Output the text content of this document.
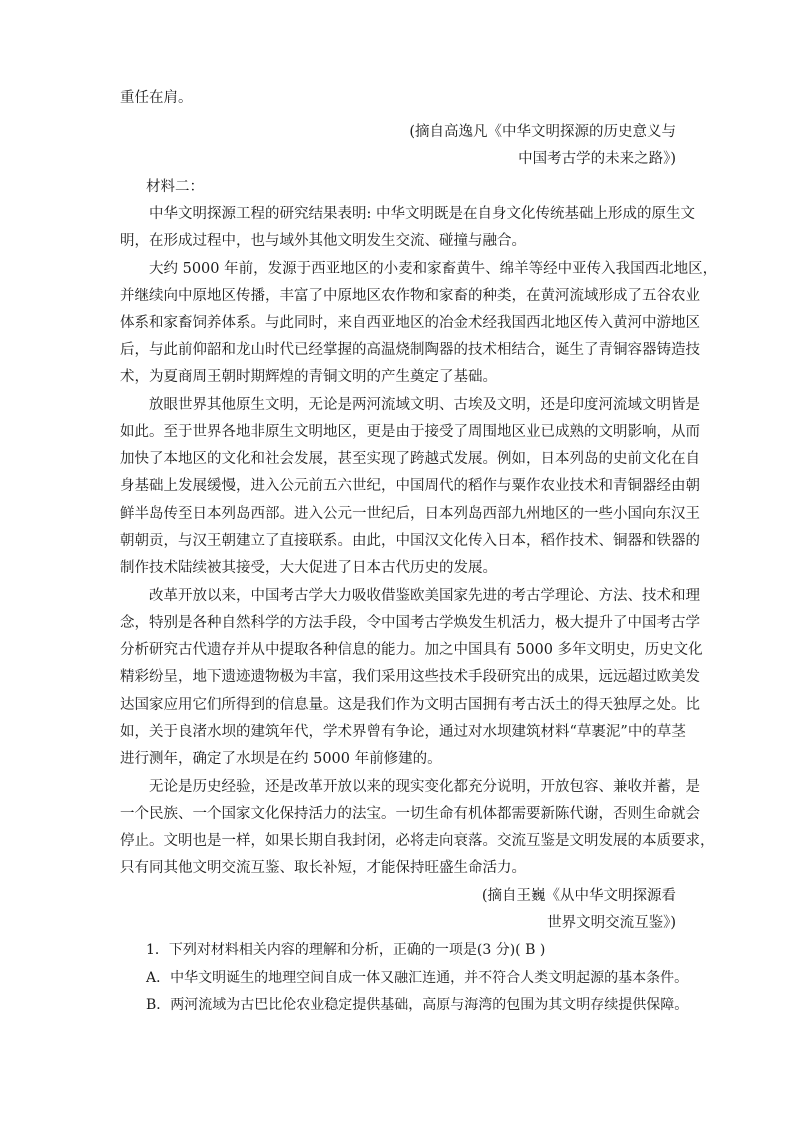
重任在肩。
(摘自高逸凡《中华文明探源的历史意义与
中国考古学的未来之路》)
材料二：
中华文明探源工程的研究结果表明: 中华文明既是在自身文化传统基础上形成的原生文
明，在形成过程中，也与域外其他文明发生交流、碰撞与融合。
大约 5000 年前，发源于西亚地区的小麦和家畜黄牛、绵羊等经中亚传入我国西北地区，
并继续向中原地区传播，丰富了中原地区农作物和家畜的种类，在黄河流域形成了五谷农业
体系和家畜饲养体系。与此同时，来自西亚地区的冶金术经我国西北地区传入黄河中游地区
后，与此前仰韶和龙山时代已经掌握的高温烧制陶器的技术相结合，诞生了青铜容器铸造技
术，为夏商周王朝时期辉煌的青铜文明的产生奠定了基础。
放眼世界其他原生文明，无论是两河流域文明、古埃及文明，还是印度河流域文明皆是
如此。至于世界各地非原生文明地区，更是由于接受了周围地区业已成熟的文明影响，从而
加快了本地区的文化和社会发展，甚至实现了跨越式发展。例如，日本列岛的史前文化在自
身基础上发展缓慢，进入公元前五六世纪，中国周代的稻作与粟作农业技术和青铜器经由朝
鲜半岛传至日本列岛西部。进入公元一世纪后，日本列岛西部九州地区的一些小国向东汉王
朝朝贡，与汉王朝建立了直接联系。由此，中国汉文化传入日本，稻作技术、铜器和铁器的
制作技术陆续被其接受，大大促进了日本古代历史的发展。
改革开放以来，中国考古学大力吸收借鉴欧美国家先进的考古学理论、方法、技术和理
念，特别是各种自然科学的方法手段，令中国考古学焕发生机活力，极大提升了中国考古学
分析研究古代遗存并从中提取各种信息的能力。加之中国具有 5000 多年文明史，历史文化
精彩纷呈，地下遗迹遗物极为丰富，我们采用这些技术手段研究出的成果，远远超过欧美发
达国家应用它们所得到的信息量。这是我们作为文明古国拥有考古沃土的得天独厚之处。比
如，关于良渚水坝的建筑年代，学术界曾有争论，通过对水坝建筑材料“草裹泥”中的草茎
进行测年，确定了水坝是在约 5000 年前修建的。
无论是历史经验，还是改革开放以来的现实变化都充分说明，开放包容、兼收并蓄，是
一个民族、一个国家文化保持活力的法宝。一切生命有机体都需要新陈代谢，否则生命就会
停止。文明也是一样，如果长期自我封闭，必将走向衰落。交流互鉴是文明发展的本质要求，
只有同其他文明交流互鉴、取长补短，才能保持旺盛生命活力。
(摘自王巍《从中华文明探源看
世界文明交流互鉴》)
1．下列对材料相关内容的理解和分析，正确的一项是(3 分)( B )
A．中华文明诞生的地理空间自成一体又融汇连通，并不符合人类文明起源的基本条件。
B．两河流域为古巴比伦农业稳定提供基础，高原与海湾的包围为其文明存续提供保障。
